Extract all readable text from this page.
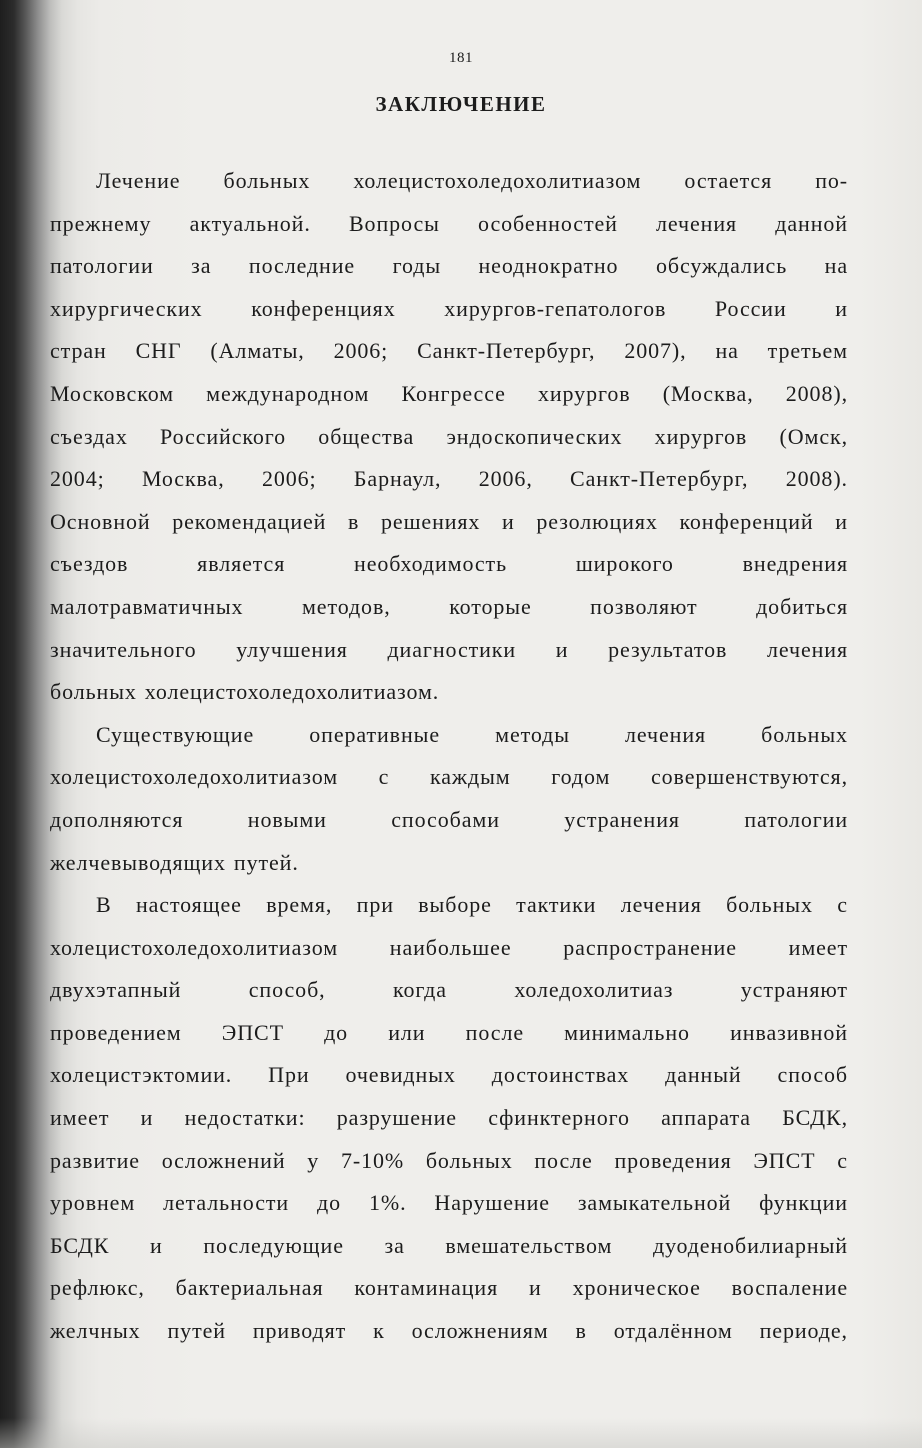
181
ЗАКЛЮЧЕНИЕ
Лечение больных холецистохоледохолитиазом остается по-
прежнему актуальной. Вопросы особенностей лечения данной
патологии за последние годы неоднократно обсуждались на
хирургических конференциях хирургов-гепатологов России и
стран СНГ (Алматы, 2006; Санкт-Петербург, 2007), на третьем
Московском международном Конгрессе хирургов (Москва, 2008),
съездах Российского общества эндоскопических хирургов (Омск,
2004; Москва, 2006; Барнаул, 2006, Санкт-Петербург, 2008).
Основной рекомендацией в решениях и резолюциях конференций и
съездов	является	необходимость	широкого	внедрения
малотравматичных	методов,	которые	позволяют	добиться
значительного улучшения диагностики и результатов лечения
больных холецистохоледохолитиазом.
Существующие	оперативные	методы	лечения	больных
холецистохоледохолитиазом с каждым годом совершенствуются,
дополняются	новыми	способами	устранения	патологии
желчевыводящих путей.
В настоящее время, при выборе тактики лечения больных с
холецистохоледохолитиазом наибольшее распространение имеет
двухэтапный	способ,	когда	холедохолитиаз	устраняют
проведением ЭПСТ до или после минимально инвазивной
холецистэктомии. При очевидных достоинствах данный способ
имеет и недостатки: разрушение сфинктерного аппарата БСДК,
развитие осложнений у 7-10% больных после проведения ЭПСТ с
уровнем летальности до 1%. Нарушение замыкательной функции
БСДК и последующие за вмешательством дуоденобилиарный
рефлюкс, бактериальная контаминация и хроническое воспаление
желчных путей приводят к осложнениям в отдалённом периоде,
